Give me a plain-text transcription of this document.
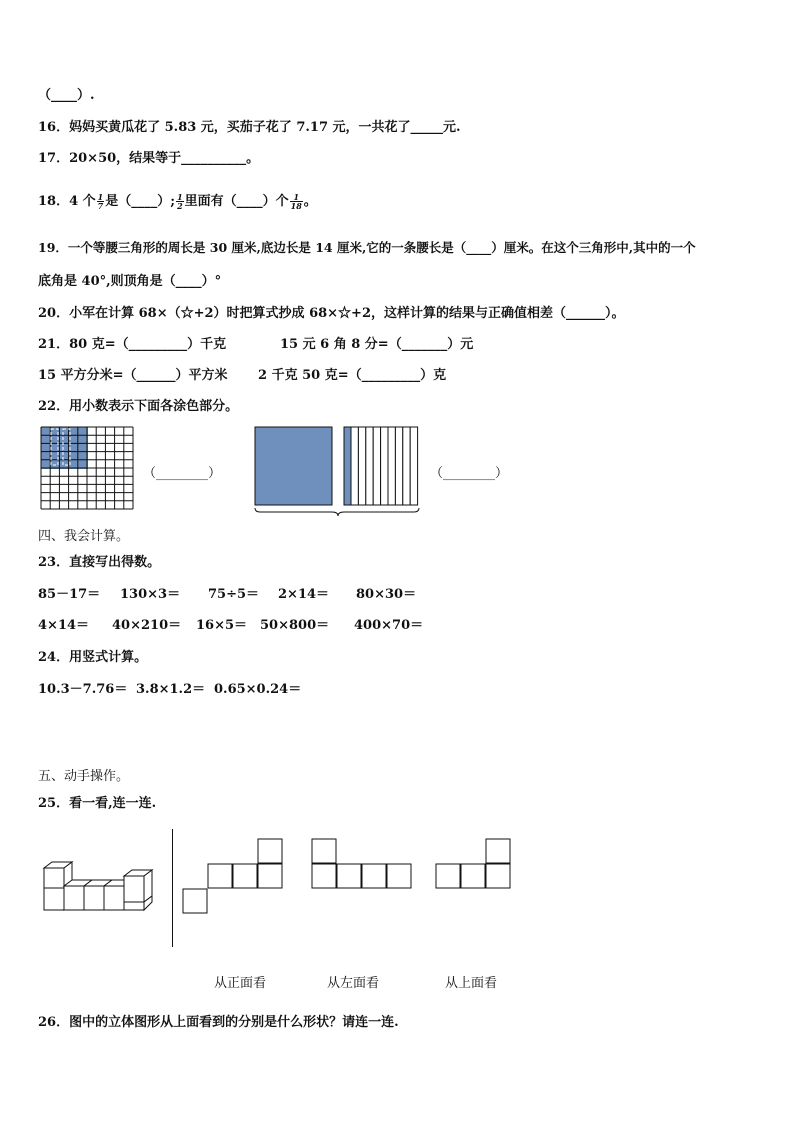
（____）.
16．妈妈买黄瓜花了 5.83 元，买茄子花了 7.17 元，一共花了_____元.
17．20×50，结果等于__________。
18．4 个 $\frac{1}{7}$ 是（____）; $\frac{1}{2}$ 里面有（____）个 $\frac{1}{18}$ 。
19．一个等腰三角形的周长是 30 厘米,底边长是 14 厘米,它的一条腰长是（____）厘米。在这个三角形中,其中的一个
底角是 40°,则顶角是（____）°
20．小军在计算 68×（☆+2）时把算式抄成 68×☆+2，这样计算的结果与正确值相差（______）。
21．80 克=（_________）千克	15 元 6 角 8 分=（_______）元
15 平方分米=（______）平方米 2 千克 50 克=（_________）克
22．用小数表示下面各涂色部分。
（________）	（________）
四、我会计算。
23．直接写出得数。
85－17＝ 130×3＝ 75÷5＝ 2×14＝ 80×30＝
4×14＝ 40×210＝ 16×5＝ 50×800＝ 400×70＝
24．用竖式计算。
10.3－7.76＝ 3.8×1.2＝ 0.65×0.24＝
五、动手操作。
25．看一看,连一连.
从正面看	从左面看	从上面看
26．图中的立体图形从上面看到的分别是什么形状？请连一连.
